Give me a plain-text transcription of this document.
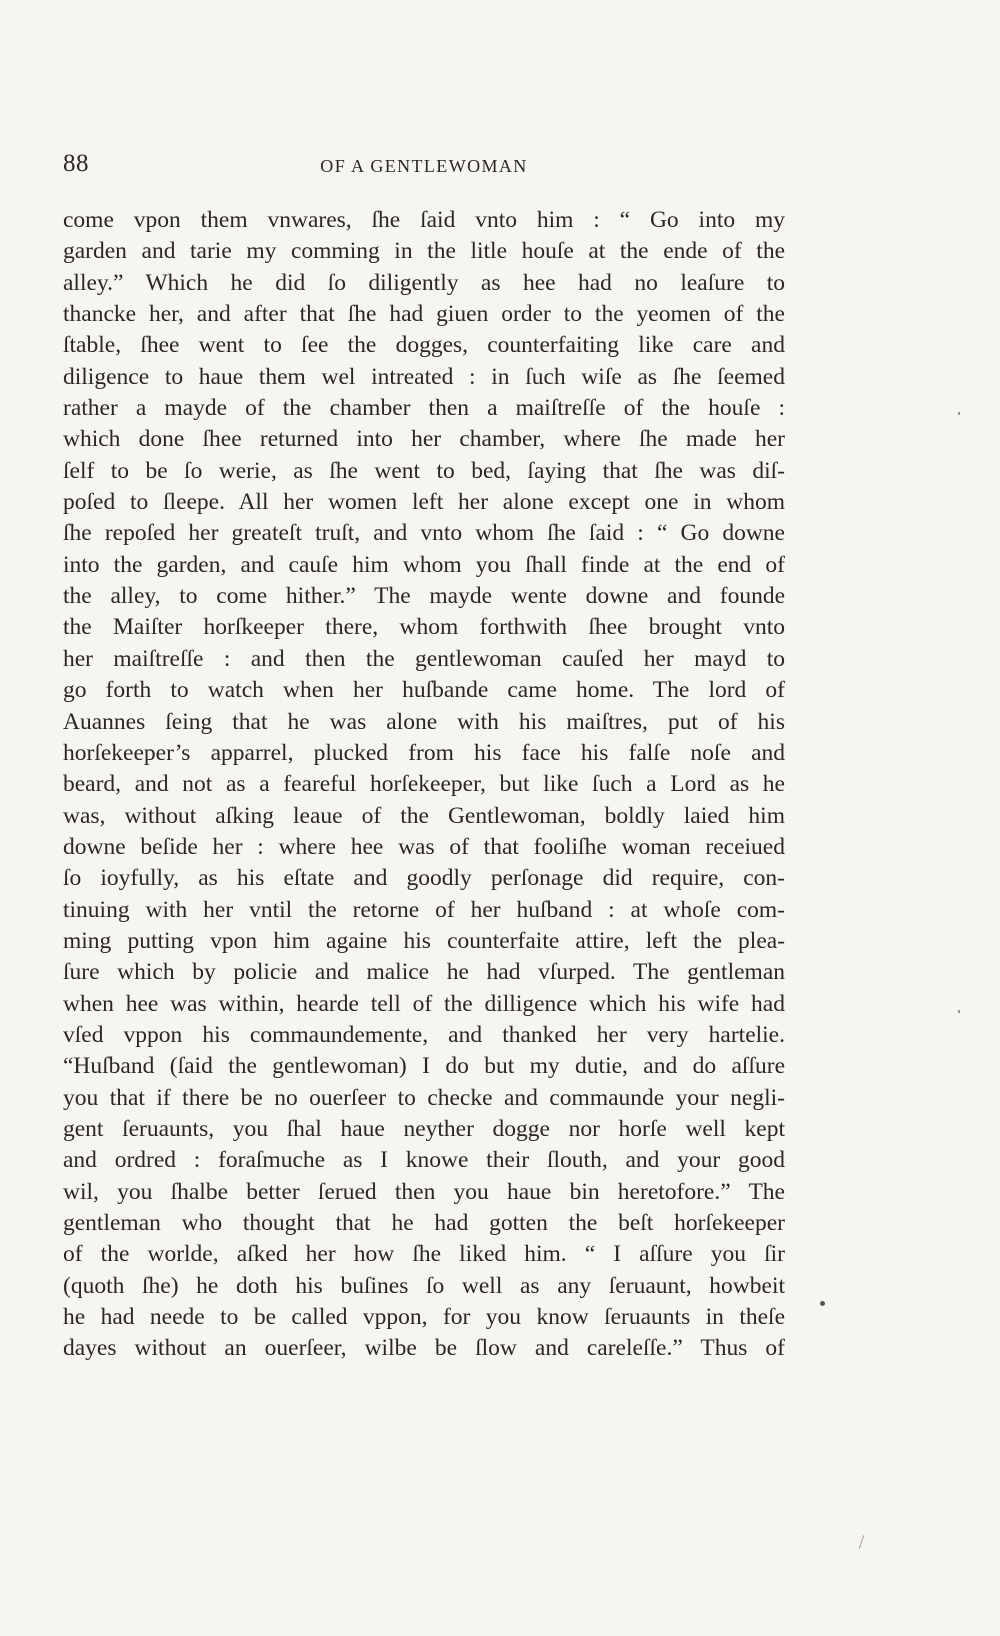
88	OF A GENTLEWOMAN
come vpon them vnwares, ſhe ſaid vnto him : “ Go into my
garden and tarie my comming in the litle houſe at the ende of the
alley.” Which he did ſo diligently as hee had no leaſure to
thancke her, and after that ſhe had giuen order to the yeomen of the
ſtable, ſhee went to ſee the dogges, counterfaiting like care and
diligence to haue them wel intreated : in ſuch wiſe as ſhe ſeemed
rather a mayde of the chamber then a maiſtreſſe of the houſe :
which done ſhee returned into her chamber, where ſhe made her
ſelf to be ſo werie, as ſhe went to bed, ſaying that ſhe was diſ-
poſed to ſleepe. All her women left her alone except one in whom
ſhe repoſed her greateſt truſt, and vnto whom ſhe ſaid : “ Go downe
into the garden, and cauſe him whom you ſhall finde at the end of
the alley, to come hither.” The mayde wente downe and founde
the Maiſter horſkeeper there, whom forthwith ſhee brought vnto
her maiſtreſſe : and then the gentlewoman cauſed her mayd to
go forth to watch when her huſbande came home. The lord of
Auannes ſeing that he was alone with his maiſtres, put of his
horſekeeper’s apparrel, plucked from his face his falſe noſe and
beard, and not as a feareful horſekeeper, but like ſuch a Lord as he
was, without aſking leaue of the Gentlewoman, boldly laied him
downe beſide her : where hee was of that fooliſhe woman receiued
ſo ioyfully, as his eſtate and goodly perſonage did require, con-
tinuing with her vntil the retorne of her huſband : at whoſe com-
ming putting vpon him againe his counterfaite attire, left the plea-
ſure which by policie and malice he had vſurped. The gentleman
when hee was within, hearde tell of the dilligence which his wife had
vſed vppon his commaundemente, and thanked her very hartelie.
“Huſband (ſaid the gentlewoman) I do but my dutie, and do aſſure
you that if there be no ouerſeer to checke and commaunde your negli-
gent ſeruaunts, you ſhal haue neyther dogge nor horſe well kept
and ordred : foraſmuche as I knowe their ſlouth, and your good
wil, you ſhalbe better ſerued then you haue bin heretofore.” The
gentleman who thought that he had gotten the beſt horſekeeper
of the worlde, aſked her how ſhe liked him. “ I aſſure you ſir
(quoth ſhe) he doth his buſines ſo well as any ſeruaunt, howbeit
he had neede to be called vppon, for you know ſeruaunts in theſe
dayes without an ouerſeer, wilbe be ſlow and careleſſe.” Thus of
